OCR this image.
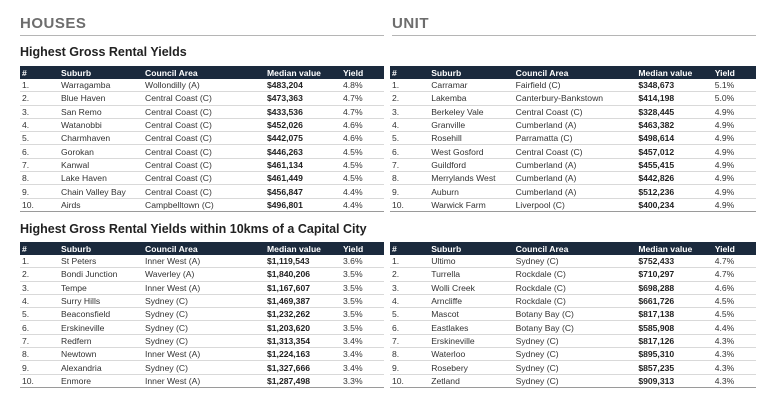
HOUSES	UNIT
Highest Gross Rental Yields
Highest Gross Rental Yields within 10kms of a Capital City
#	Suburb	Council Area	Median value	Yield
1.	Warragamba	Wollondilly (A)	$483,204	4.8%
2.	Blue Haven	Central Coast (C)	$473,363	4.7%
3.	San Remo	Central Coast (C)	$433,536	4.7%
4.	Watanobbi	Central Coast (C)	$452,026	4.6%
5.	Charmhaven	Central Coast (C)	$442,075	4.6%
6.	Gorokan	Central Coast (C)	$446,263	4.5%
7.	Kanwal	Central Coast (C)	$461,134	4.5%
8.	Lake Haven	Central Coast (C)	$461,449	4.5%
9.	Chain Valley Bay	Central Coast (C)	$456,847	4.4%
10.	Airds	Campbelltown (C)	$496,801	4.4%
#	Suburb	Council Area	Median value	Yield
1.	Carramar	Fairfield (C)	$348,673	5.1%
2.	Lakemba	Canterbury-Bankstown	$414,198	5.0%
3.	Berkeley Vale	Central Coast (C)	$328,445	4.9%
4.	Granville	Cumberland (A)	$463,382	4.9%
5.	Rosehill	Parramatta (C)	$498,614	4.9%
6.	West Gosford	Central Coast (C)	$457,012	4.9%
7.	Guildford	Cumberland (A)	$455,415	4.9%
8.	Merrylands West	Cumberland (A)	$442,826	4.9%
9.	Auburn	Cumberland (A)	$512,236	4.9%
10.	Warwick Farm	Liverpool (C)	$400,234	4.9%
#	Suburb	Council Area	Median value	Yield
1.	St Peters	Inner West (A)	$1,119,543	3.6%
2.	Bondi Junction	Waverley (A)	$1,840,206	3.5%
3.	Tempe	Inner West (A)	$1,167,607	3.5%
4.	Surry Hills	Sydney (C)	$1,469,387	3.5%
5.	Beaconsfield	Sydney (C)	$1,232,262	3.5%
6.	Erskineville	Sydney (C)	$1,203,620	3.5%
7.	Redfern	Sydney (C)	$1,313,354	3.4%
8.	Newtown	Inner West (A)	$1,224,163	3.4%
9.	Alexandria	Sydney (C)	$1,327,666	3.4%
10.	Enmore	Inner West (A)	$1,287,498	3.3%
#	Suburb	Council Area	Median value	Yield
1.	Ultimo	Sydney (C)	$752,433	4.7%
2.	Turrella	Rockdale (C)	$710,297	4.7%
3.	Wolli Creek	Rockdale (C)	$698,288	4.6%
4.	Arncliffe	Rockdale (C)	$661,726	4.5%
5.	Mascot	Botany Bay (C)	$817,138	4.5%
6.	Eastlakes	Botany Bay (C)	$585,908	4.4%
7.	Erskineville	Sydney (C)	$817,126	4.3%
8.	Waterloo	Sydney (C)	$895,310	4.3%
9.	Rosebery	Sydney (C)	$857,235	4.3%
10.	Zetland	Sydney (C)	$909,313	4.3%
